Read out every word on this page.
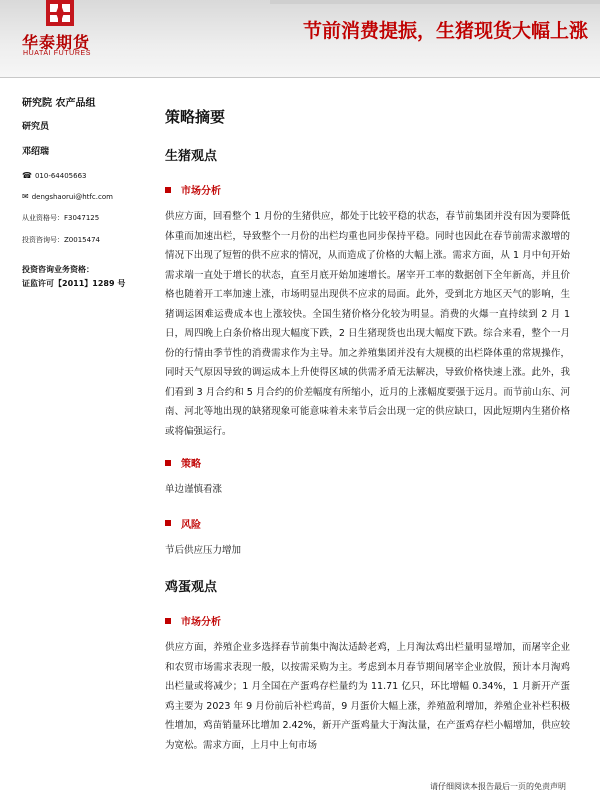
华泰期货
HUATAI FUTURES
节前消费提振，生猪现货大幅上涨
研究院 农产品组
研究员
邓绍瑞
☎ 010-64405663
✉ dengshaorui@htfc.com
从业资格号：F3047125
投资咨询号：Z0015474
投资咨询业务资格：
证监许可【2011】1289 号
策略摘要
生猪观点
市场分析

供应方面，回看整个 1 月份的生猪供应，都处于比较平稳的状态，春节前集团并没有因为要降低体重而加速出栏，导致整个一月份的出栏均重也同步保持平稳。同时也因此在春节前需求激增的情况下出现了短暂的供不应求的情况，从而造成了价格的大幅上涨。需求方面，从 1 月中旬开始需求端一直处于增长的状态，直至月底开始加速增长。屠宰开工率的数据创下全年新高，并且价格也随着开工率加速上涨，市场明显出现供不应求的局面。此外，受到北方地区天气的影响，生猪调运困难运费成本也上涨较快。全国生猪价格分化较为明显。消费的火爆一直持续到 2 月 1 日，周四晚上白条价格出现大幅度下跌，2 日生猪现货也出现大幅度下跌。综合来看，整个一月份的行情由季节性的消费需求作为主导。加之养殖集团并没有大规模的出栏降体重的常规操作，同时天气原因导致的调运成本上升使得区域的供需矛盾无法解决，导致价格快速上涨。此外，我们看到 3 月合约和 5 月合约的价差幅度有所缩小，近月的上涨幅度要强于远月。而节前山东、河南、河北等地出现的缺猪现象可能意味着未来节后会出现一定的供应缺口，因此短期内生猪价格或将偏强运行。

策略

单边谨慎看涨

风险

节后供应压力增加

鸡蛋观点
市场分析

供应方面，养殖企业多选择春节前集中淘汰适龄老鸡，上月淘汰鸡出栏量明显增加，而屠宰企业和农贸市场需求表现一般，以按需采购为主。考虑到本月春节期间屠宰企业放假，预计本月淘鸡出栏量或将减少；1 月全国在产蛋鸡存栏量约为 11.71 亿只，环比增幅 0.34%，1 月新开产蛋鸡主要为 2023 年 9 月份前后补栏鸡苗，9 月蛋价大幅上涨，养殖盈利增加，养殖企业补栏积极性增加，鸡苗销量环比增加 2.42%，新开产蛋鸡量大于淘汰量，在产蛋鸡存栏小幅增加，供应较为宽松。需求方面，上月中上旬市场

请仔细阅读本报告最后一页的免责声明
